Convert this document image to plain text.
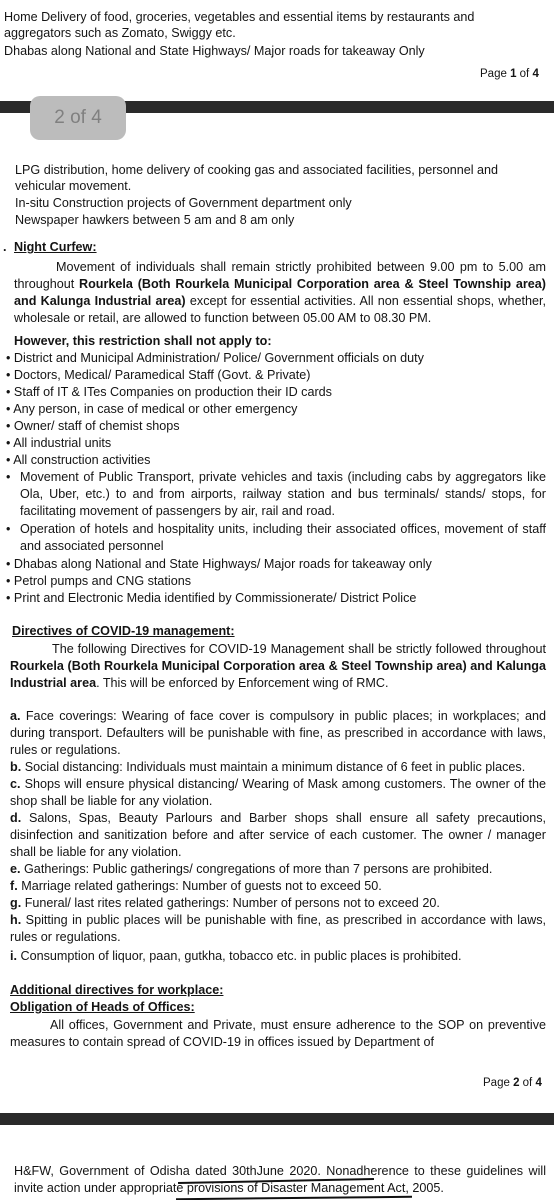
Home Delivery of food, groceries, vegetables and essential items by restaurants and
aggregators such as Zomato, Swiggy etc.
Dhabas along National and State Highways/ Major roads for takeaway Only
Page 1 of 4
2 of 4
LPG distribution, home delivery of cooking gas and associated facilities, personnel and
vehicular movement.
In-situ Construction projects of Government department only
Newspaper hawkers between 5 am and 8 am only
. Night Curfew:
Movement of individuals shall remain strictly prohibited between 9.00 pm to 5.00 am throughout Rourkela (Both Rourkela Municipal Corporation area & Steel Township area) and Kalunga Industrial area) except for essential activities. All non essential shops, whether, wholesale or retail, are allowed to function between 05.00 AM to 08.30 PM.
However, this restriction shall not apply to:
• District and Municipal Administration/ Police/ Government officials on duty
• Doctors, Medical/ Paramedical Staff (Govt. & Private)
• Staff of IT & ITes Companies on production their ID cards
• Any person, in case of medical or other emergency
• Owner/ staff of chemist shops
• All industrial units
• All construction activities
• Movement of Public Transport, private vehicles and taxis (including cabs by aggregators like Ola, Uber, etc.) to and from airports, railway station and bus terminals/ stands/ stops, for facilitating movement of passengers by air, rail and road.
• Operation of hotels and hospitality units, including their associated offices, movement of staff and associated personnel
• Dhabas along National and State Highways/ Major roads for takeaway only
• Petrol pumps and CNG stations
• Print and Electronic Media identified by Commissionerate/ District Police
Directives of COVID-19 management:
The following Directives for COVID-19 Management shall be strictly followed throughout Rourkela (Both Rourkela Municipal Corporation area & Steel Township area) and Kalunga Industrial area. This will be enforced by Enforcement wing of RMC.
a. Face coverings: Wearing of face cover is compulsory in public places; in workplaces; and during transport. Defaulters will be punishable with fine, as prescribed in accordance with laws, rules or regulations.
b. Social distancing: Individuals must maintain a minimum distance of 6 feet in public places.
c. Shops will ensure physical distancing/ Wearing of Mask among customers. The owner of the shop shall be liable for any violation.
d. Salons, Spas, Beauty Parlours and Barber shops shall ensure all safety precautions, disinfection and sanitization before and after service of each customer. The owner / manager shall be liable for any violation.
e. Gatherings: Public gatherings/ congregations of more than 7 persons are prohibited.
f. Marriage related gatherings: Number of guests not to exceed 50.
g. Funeral/ last rites related gatherings: Number of persons not to exceed 20.
h. Spitting in public places will be punishable with fine, as prescribed in accordance with laws, rules or regulations.
i. Consumption of liquor, paan, gutkha, tobacco etc. in public places is prohibited.
Additional directives for workplace:
Obligation of Heads of Offices:
All offices, Government and Private, must ensure adherence to the SOP on preventive measures to contain spread of COVID-19 in offices issued by Department of
Page 2 of 4
H&FW, Government of Odisha dated 30thJune 2020. Nonadherence to these guidelines will invite action under appropriate provisions of Disaster Management Act, 2005.
